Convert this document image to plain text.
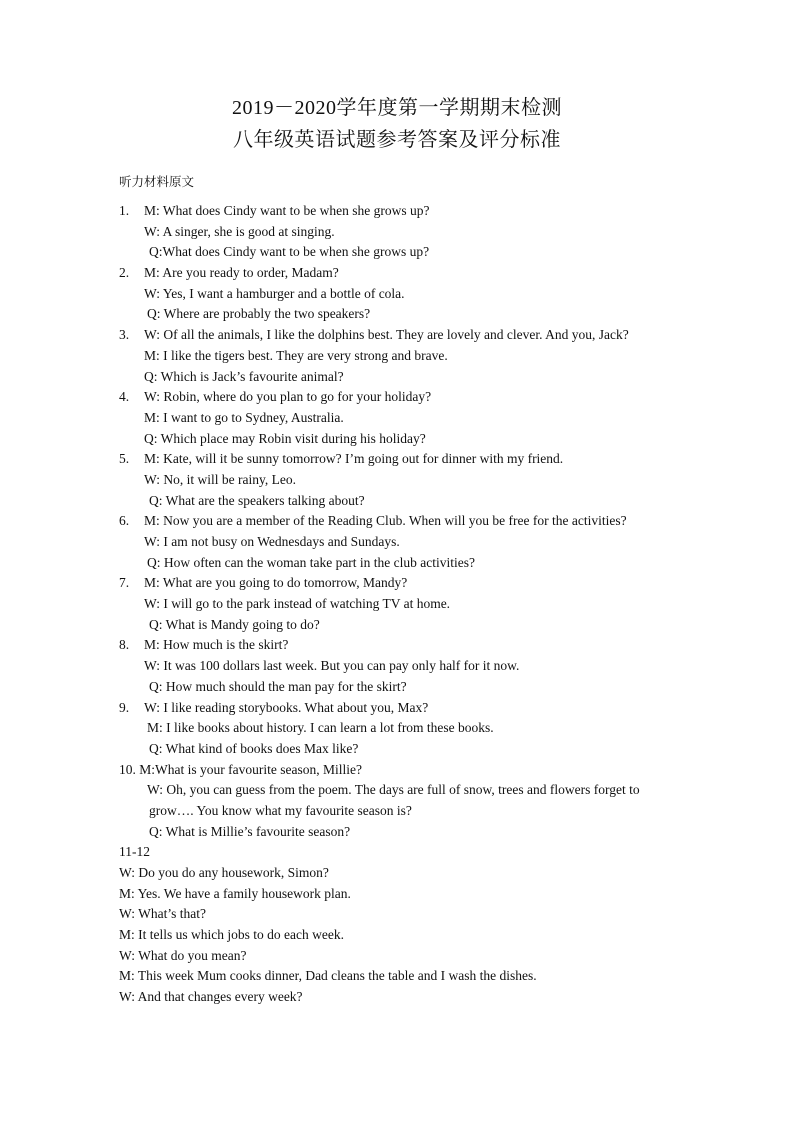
2019－2020学年度第一学期期末检测
八年级英语试题参考答案及评分标准
听力材料原文
1. M: What does Cindy want to be when she grows up?
W: A singer, she is good at singing.
Q:What does Cindy want to be when she grows up?
2. M: Are you ready to order, Madam?
W: Yes, I want a hamburger and a bottle of cola.
Q: Where are probably the two speakers?
3. W: Of all the animals, I like the dolphins best. They are lovely and clever. And you, Jack?
M: I like the tigers best. They are very strong and brave.
Q: Which is Jack’s favourite animal?
4. W: Robin, where do you plan to go for your holiday?
M: I want to go to Sydney, Australia.
Q: Which place may Robin visit during his holiday?
5. M: Kate, will it be sunny tomorrow? I’m going out for dinner with my friend.
W: No, it will be rainy, Leo.
Q: What are the speakers talking about?
6. M: Now you are a member of the Reading Club. When will you be free for the activities?
W: I am not busy on Wednesdays and Sundays.
Q: How often can the woman take part in the club activities?
7. M: What are you going to do tomorrow, Mandy?
W: I will go to the park instead of watching TV at home.
Q: What is Mandy going to do?
8. M: How much is the skirt?
W: It was 100 dollars last week. But you can pay only half for it now.
Q: How much should the man pay for the skirt?
9. W: I like reading storybooks. What about you, Max?
M: I like books about history. I can learn a lot from these books.
Q: What kind of books does Max like?
10. M:What is your favourite season, Millie?
W: Oh, you can guess from the poem. The days are full of snow, trees and flowers forget to
grow…. You know what my favourite season is?
Q: What is Millie’s favourite season?
11-12
W: Do you do any housework, Simon?
M: Yes. We have a family housework plan.
W: What’s that?
M: It tells us which jobs to do each week.
W: What do you mean?
M: This week Mum cooks dinner, Dad cleans the table and I wash the dishes.
W: And that changes every week?
